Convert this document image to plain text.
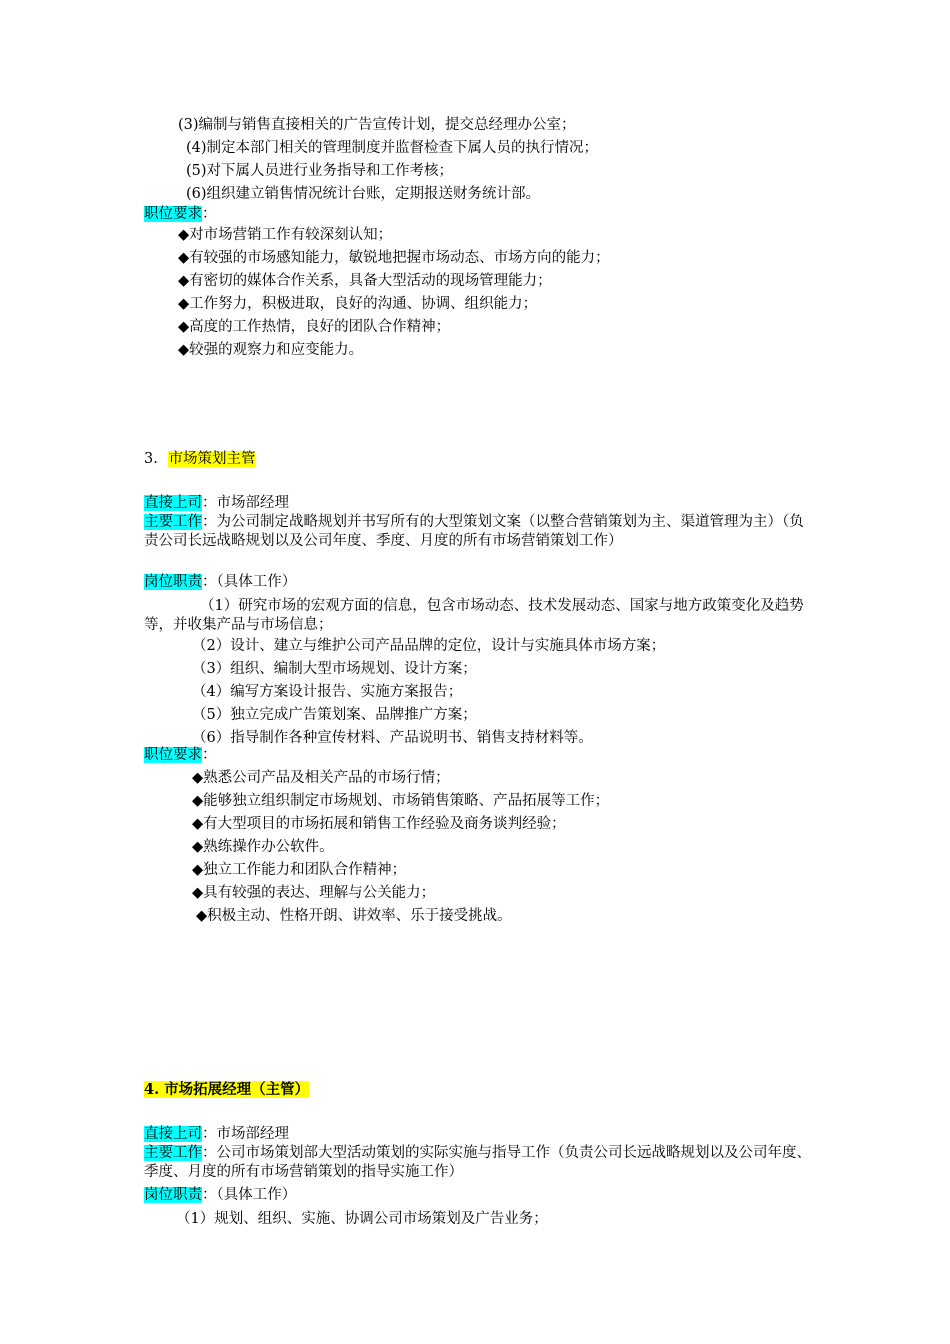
(3)编制与销售直接相关的广告宣传计划，提交总经理办公室；
(4)制定本部门相关的管理制度并监督检查下属人员的执行情况；
(5)对下属人员进行业务指导和工作考核；
(6)组织建立销售情况统计台账，定期报送财务统计部。
职位要求：
◆对市场营销工作有较深刻认知；
◆有较强的市场感知能力，敏锐地把握市场动态、市场方向的能力；
◆有密切的媒体合作关系，具备大型活动的现场管理能力；
◆工作努力，积极进取，良好的沟通、协调、组织能力；
◆高度的工作热情，良好的团队合作精神；
◆较强的观察力和应变能力。
3. 市场策划主管
直接上司：市场部经理
主要工作：为公司制定战略规划并书写所有的大型策划文案（以整合营销策划为主、渠道管理为主）（负责公司长远战略规划以及公司年度、季度、月度的所有市场营销策划工作）
岗位职责：（具体工作）
（1）研究市场的宏观方面的信息，包含市场动态、技术发展动态、国家与地方政策变化及趋势等，并收集产品与市场信息；
（2）设计、建立与维护公司产品品牌的定位，设计与实施具体市场方案；
（3）组织、编制大型市场规划、设计方案；
（4）编写方案设计报告、实施方案报告；
（5）独立完成广告策划案、品牌推广方案；
（6）指导制作各种宣传材料、产品说明书、销售支持材料等。
职位要求：
◆熟悉公司产品及相关产品的市场行情；
◆能够独立组织制定市场规划、市场销售策略、产品拓展等工作；
◆有大型项目的市场拓展和销售工作经验及商务谈判经验；
◆熟练操作办公软件。
◆独立工作能力和团队合作精神；
◆具有较强的表达、理解与公关能力；
◆积极主动、性格开朗、讲效率、乐于接受挑战。
4. 市场拓展经理（主管）
直接上司：市场部经理
主要工作：公司市场策划部大型活动策划的实际实施与指导工作（负责公司长远战略规划以及公司年度、季度、月度的所有市场营销策划的指导实施工作）
岗位职责：（具体工作）
（1）规划、组织、实施、协调公司市场策划及广告业务；
